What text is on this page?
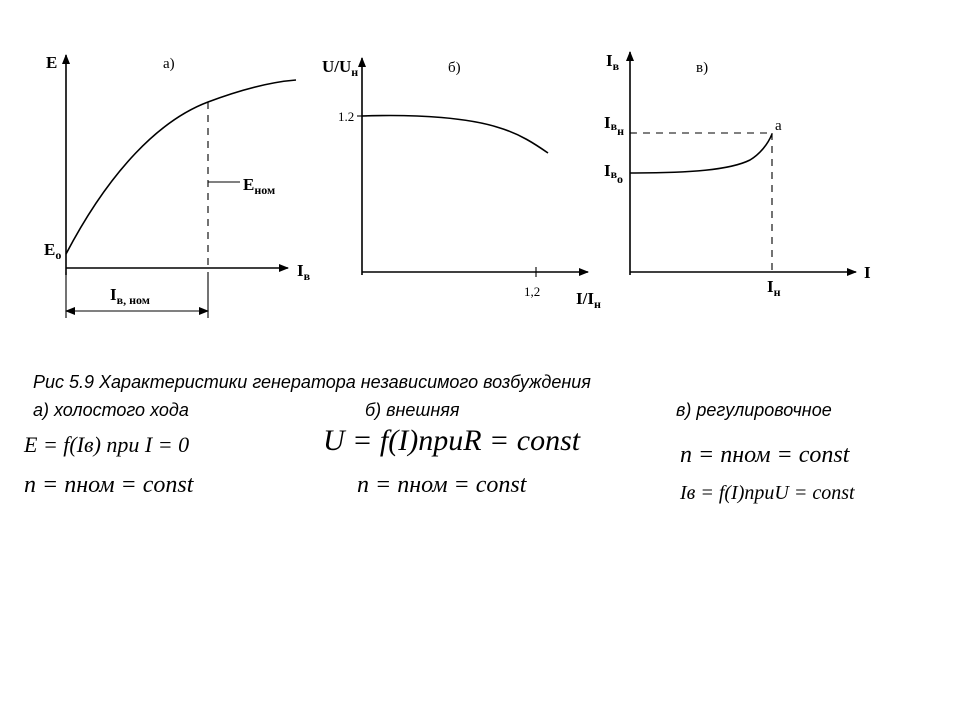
E	а)
$E_о$
$E_{ном}$
$I_в$
$I_{в, ном}$
$U/U_н$	б)
1.2
1,2 $I/I_н$
$I_в$	в)
$Iв_н$
$Iв_о$
а
I
$I_н$
Рис 5.9 Характеристики генератора независимого возбуждения
а) холостого хода	б) внешняя	в) регулировочное
E = f(Iв) при I = 0
n = nном = const
U = f(I)пpuR = const
n = nном = const
n = nном = const
Iв = f(I)пpuU = const
